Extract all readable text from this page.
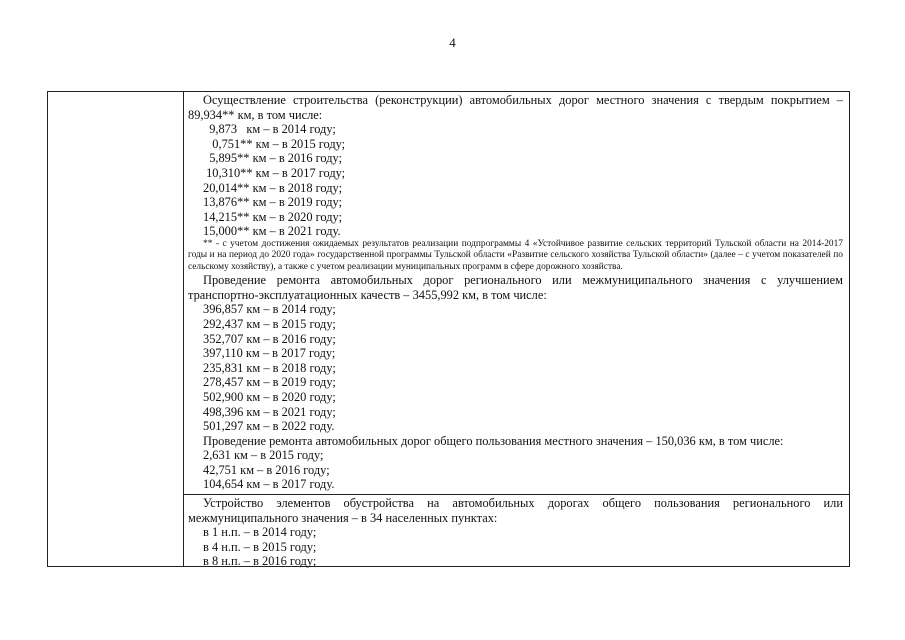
4

Осуществление строительства (реконструкции) автомобильных дорог местного значения с твердым покрытием – 89,934** км, в том числе:

9,873   км – в 2014 году;

0,751** км – в 2015 году;

5,895** км – в 2016 году;

10,310** км – в 2017 году;

20,014** км – в 2018 году;

13,876** км – в 2019 году;

14,215** км – в 2020 году;

15,000** км – в 2021 году.

** - с учетом достижения ожидаемых результатов реализации подпрограммы 4 «Устойчивое развитие сельских территорий Тульской области на 2014-2017 годы и на период до 2020 года» государственной программы Тульской области «Развитие сельского хозяйства Тульской области» (далее – с учетом показателей по сельскому хозяйству), а также с учетом реализации муниципальных программ в сфере дорожного хозяйства.

Проведение ремонта автомобильных дорог регионального или межмуниципального значения с улучшением транспортно-эксплуатационных качеств – 3455,992 км, в том числе:

396,857 км – в 2014 году;

292,437 км – в 2015 году;

352,707 км – в 2016 году;

397,110 км – в 2017 году;

235,831 км – в 2018 году;

278,457 км – в 2019 году;

502,900 км – в 2020 году;

498,396 км – в 2021 году;

501,297 км – в 2022 году.

Проведение ремонта автомобильных дорог общего пользования местного значения – 150,036 км, в том числе:

2,631 км – в 2015 году;

42,751 км – в 2016 году;

104,654 км – в 2017 году.

Устройство элементов обустройства на автомобильных дорогах общего пользования регионального или межмуниципального значения – в 34 населенных пунктах:

в 1 н.п. – в 2014 году;

в 4 н.п. – в 2015 году;

в 8 н.п. – в 2016 году;
